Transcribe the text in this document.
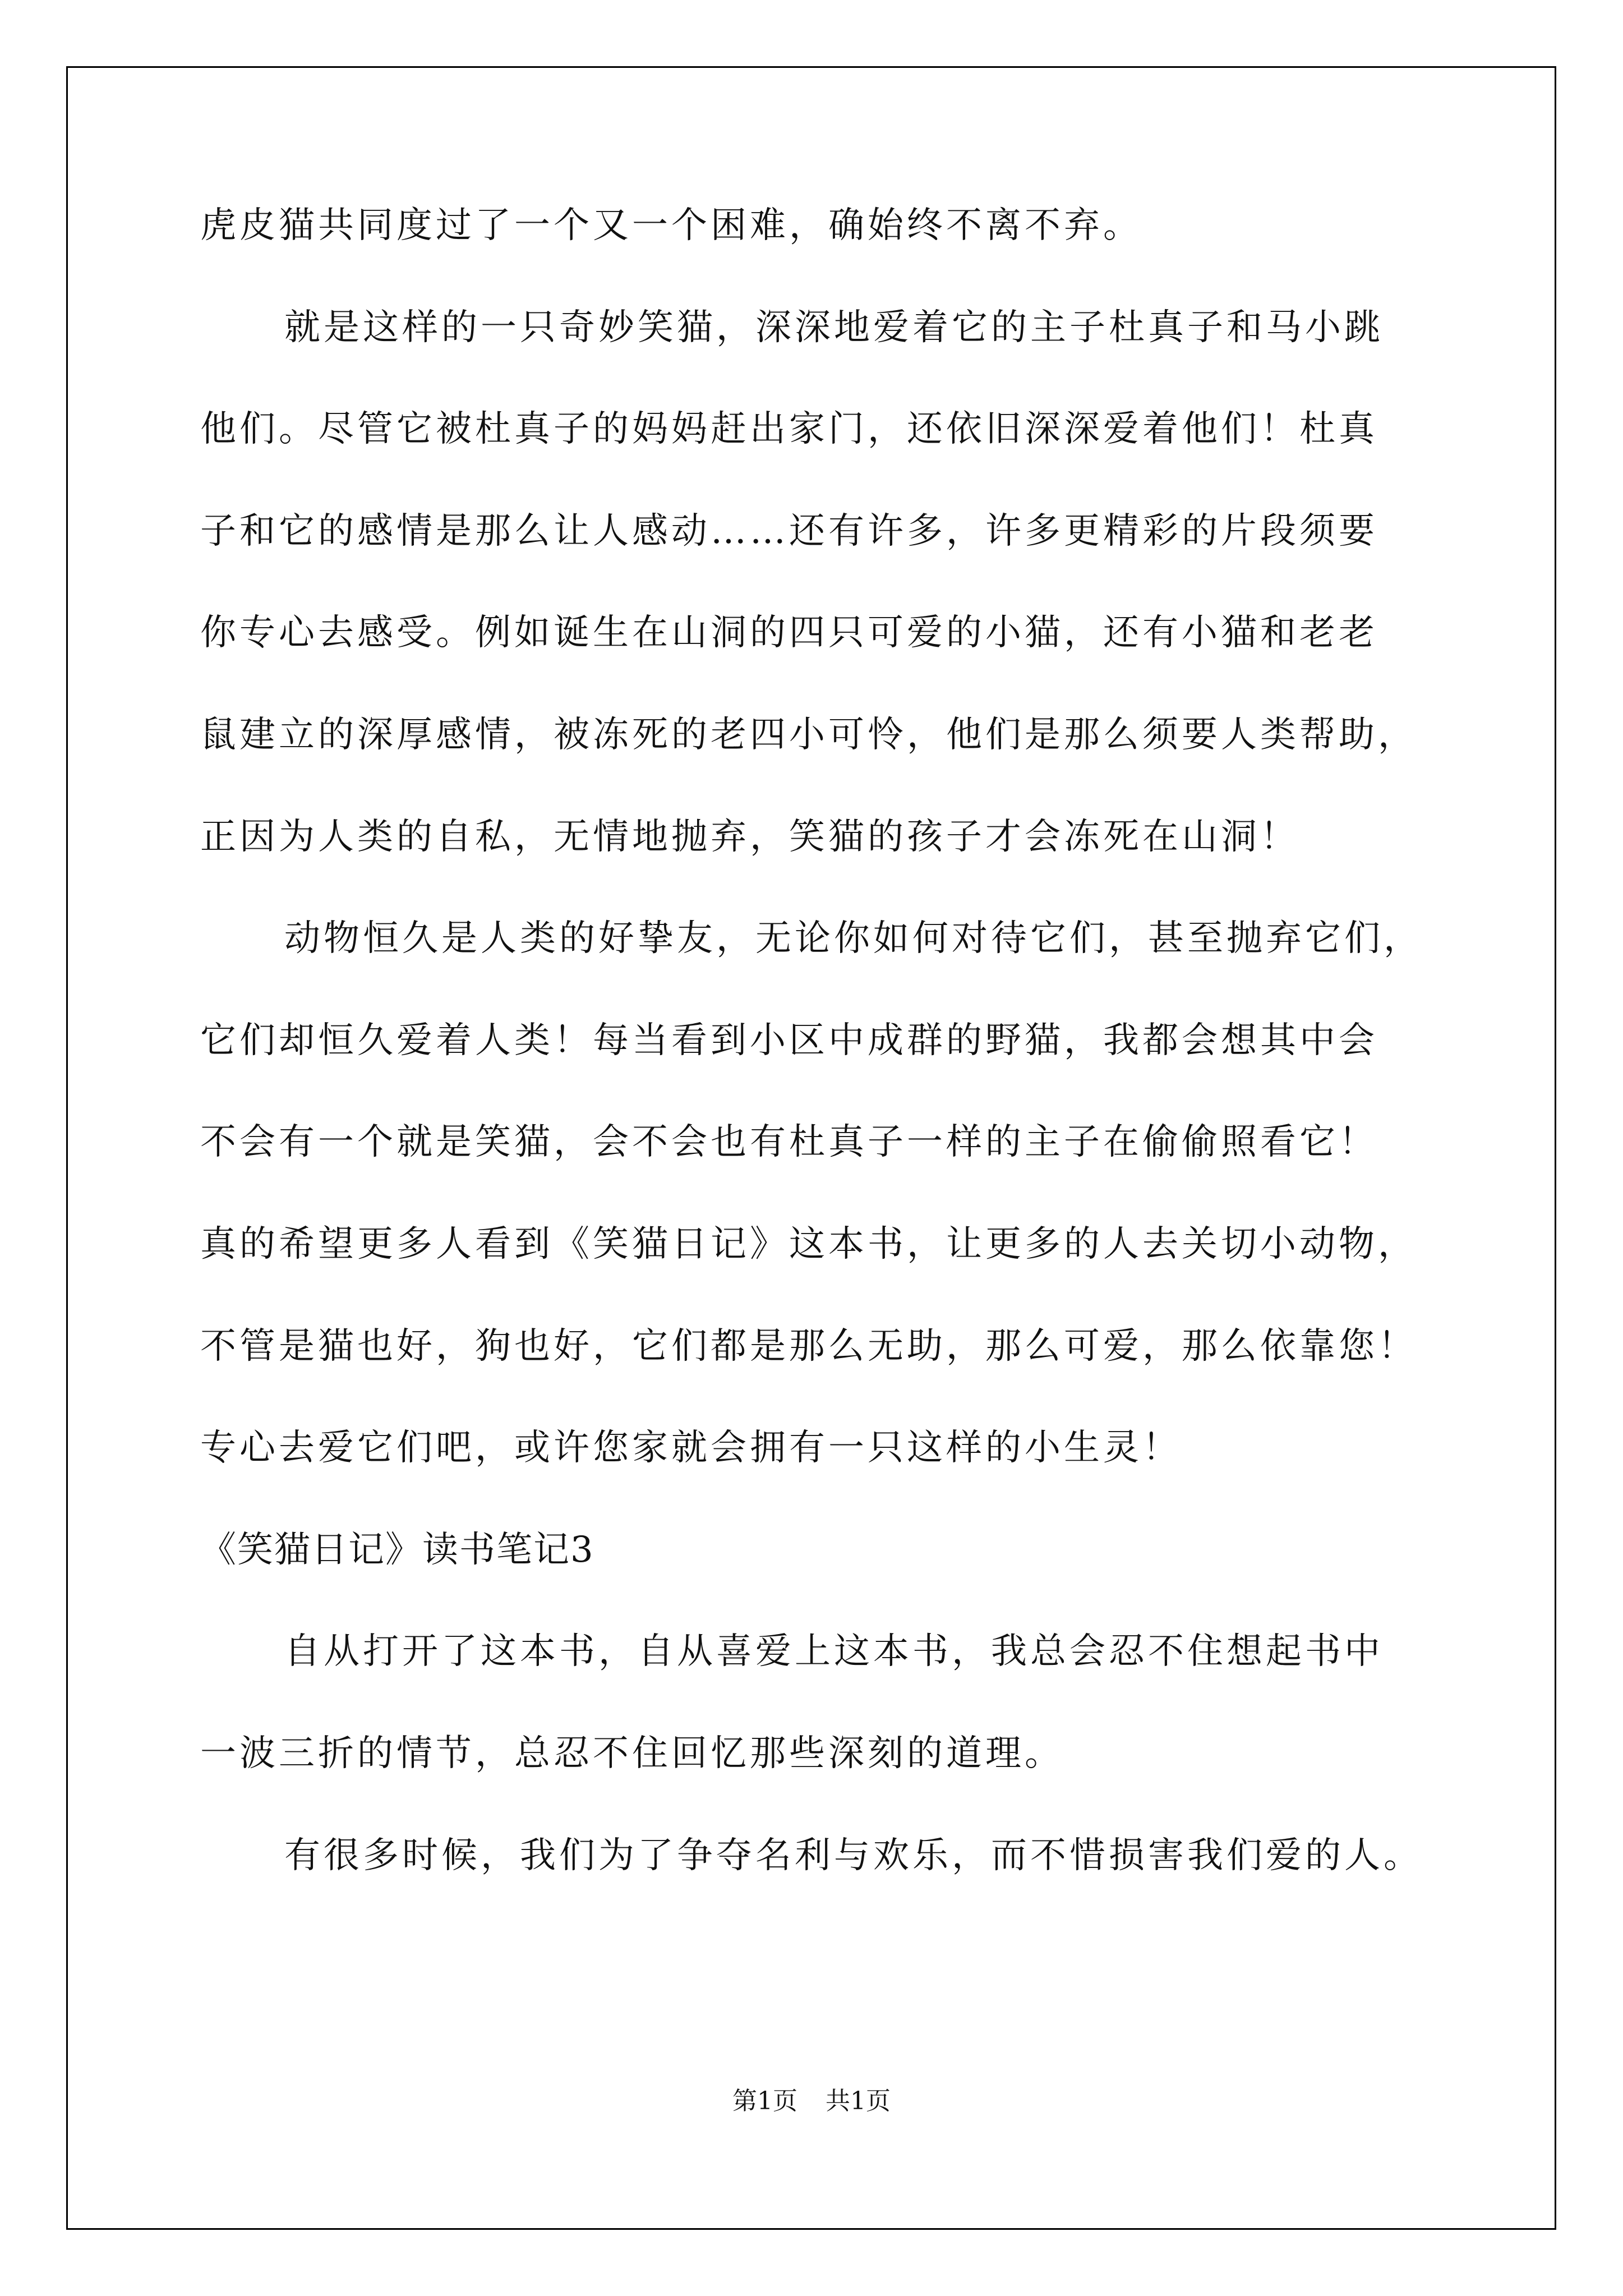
虎皮猫共同度过了一个又一个困难，确始终不离不弃。
就是这样的一只奇妙笑猫，深深地爱着它的主子杜真子和马小跳
他们。尽管它被杜真子的妈妈赶出家门，还依旧深深爱着他们！杜真
子和它的感情是那么让人感动……还有许多，许多更精彩的片段须要
你专心去感受。例如诞生在山洞的四只可爱的小猫，还有小猫和老老
鼠建立的深厚感情，被冻死的老四小可怜，他们是那么须要人类帮助，
正因为人类的自私，无情地抛弃，笑猫的孩子才会冻死在山洞！
动物恒久是人类的好挚友，无论你如何对待它们，甚至抛弃它们，
它们却恒久爱着人类！每当看到小区中成群的野猫，我都会想其中会
不会有一个就是笑猫，会不会也有杜真子一样的主子在偷偷照看它！
真的希望更多人看到《笑猫日记》这本书，让更多的人去关切小动物，
不管是猫也好，狗也好，它们都是那么无助，那么可爱，那么依靠您！
专心去爱它们吧，或许您家就会拥有一只这样的小生灵！
《笑猫日记》读书笔记3
自从打开了这本书，自从喜爱上这本书，我总会忍不住想起书中
一波三折的情节，总忍不住回忆那些深刻的道理。
有很多时候，我们为了争夺名利与欢乐，而不惜损害我们爱的人。
第1页 共1页
